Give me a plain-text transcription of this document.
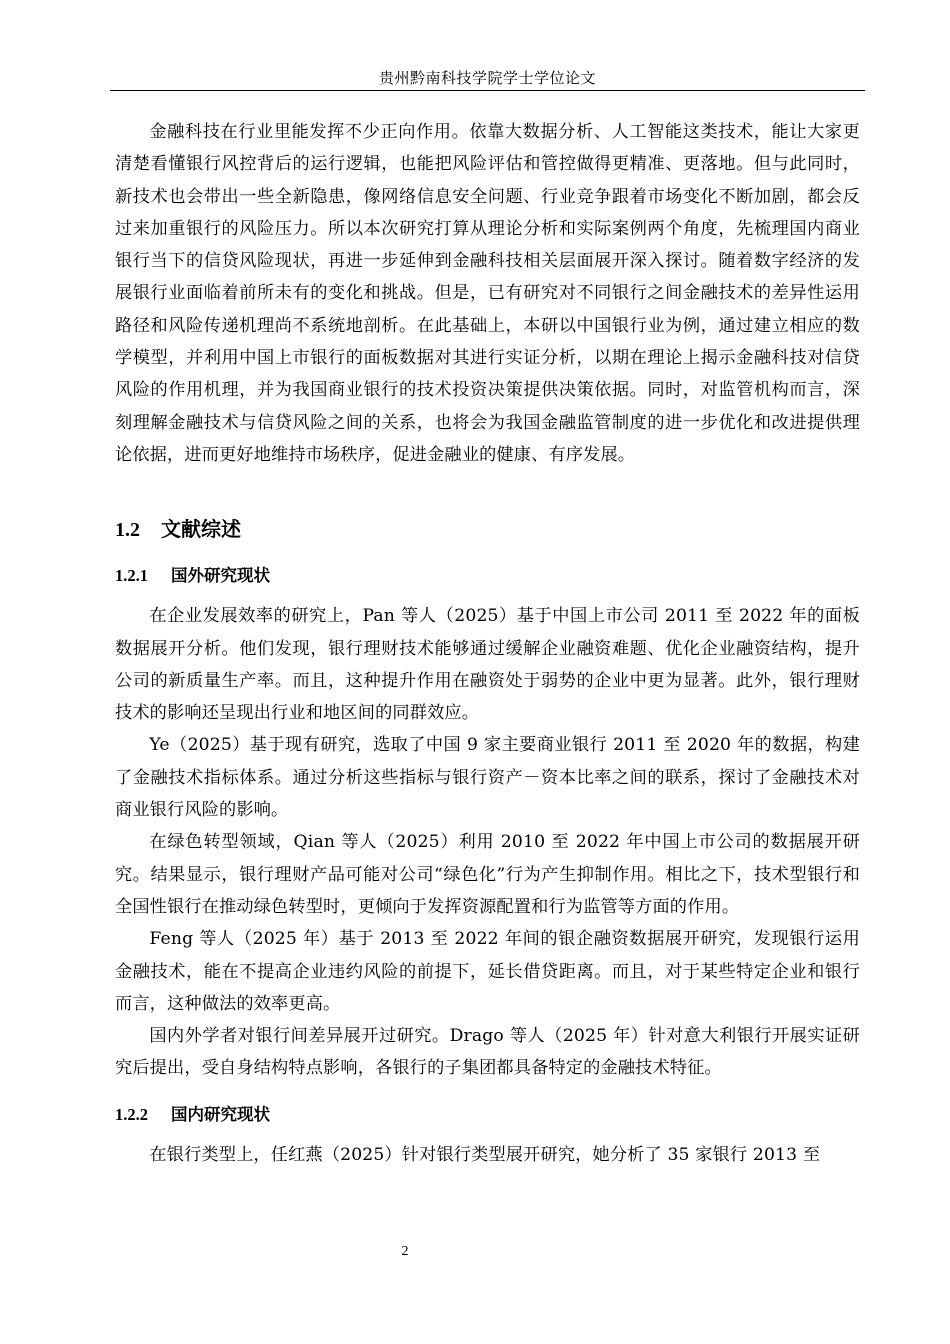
贵州黔南科技学院学士学位论文

金融科技在行业里能发挥不少正向作用。依靠大数据分析、人工智能这类技术，能让大家更清楚看懂银行风控背后的运行逻辑，也能把风险评估和管控做得更精准、更落地。但与此同时，新技术也会带出一些全新隐患，像网络信息安全问题、行业竞争跟着市场变化不断加剧，都会反过来加重银行的风险压力。所以本次研究打算从理论分析和实际案例两个角度，先梳理国内商业银行当下的信贷风险现状，再进一步延伸到金融科技相关层面展开深入探讨。随着数字经济的发展银行业面临着前所未有的变化和挑战。但是，已有研究对不同银行之间金融技术的差异性运用路径和风险传递机理尚不系统地剖析。在此基础上，本研以中国银行业为例，通过建立相应的数学模型，并利用中国上市银行的面板数据对其进行实证分析，以期在理论上揭示金融科技对信贷风险的作用机理，并为我国商业银行的技术投资决策提供决策依据。同时，对监管机构而言，深刻理解金融技术与信贷风险之间的关系，也将会为我国金融监管制度的进一步优化和改进提供理论依据，进而更好地维持市场秩序，促进金融业的健康、有序发展。

1.2 文献综述
1.2.1 国外研究现状

在企业发展效率的研究上，Pan 等人（2025）基于中国上市公司 2011 至 2022 年的面板数据展开分析。他们发现，银行理财技术能够通过缓解企业融资难题、优化企业融资结构，提升公司的新质量生产率。而且，这种提升作用在融资处于弱势的企业中更为显著。此外，银行理财技术的影响还呈现出行业和地区间的同群效应。

Ye（2025）基于现有研究，选取了中国 9 家主要商业银行 2011 至 2020 年的数据，构建了金融技术指标体系。通过分析这些指标与银行资产－资本比率之间的联系，探讨了金融技术对商业银行风险的影响。

在绿色转型领域，Qian 等人（2025）利用 2010 至 2022 年中国上市公司的数据展开研究。结果显示，银行理财产品可能对公司“绿色化”行为产生抑制作用。相比之下，技术型银行和全国性银行在推动绿色转型时，更倾向于发挥资源配置和行为监管等方面的作用。

Feng 等人（2025 年）基于 2013 至 2022 年间的银企融资数据展开研究，发现银行运用金融技术，能在不提高企业违约风险的前提下，延长借贷距离。而且，对于某些特定企业和银行而言，这种做法的效率更高。

国内外学者对银行间差异展开过研究。Drago 等人（2025 年）针对意大利银行开展实证研究后提出，受自身结构特点影响，各银行的子集团都具备特定的金融技术特征。

1.2.2 国内研究现状

在银行类型上，任红燕（2025）针对银行类型展开研究，她分析了 35 家银行 2013 至

2
